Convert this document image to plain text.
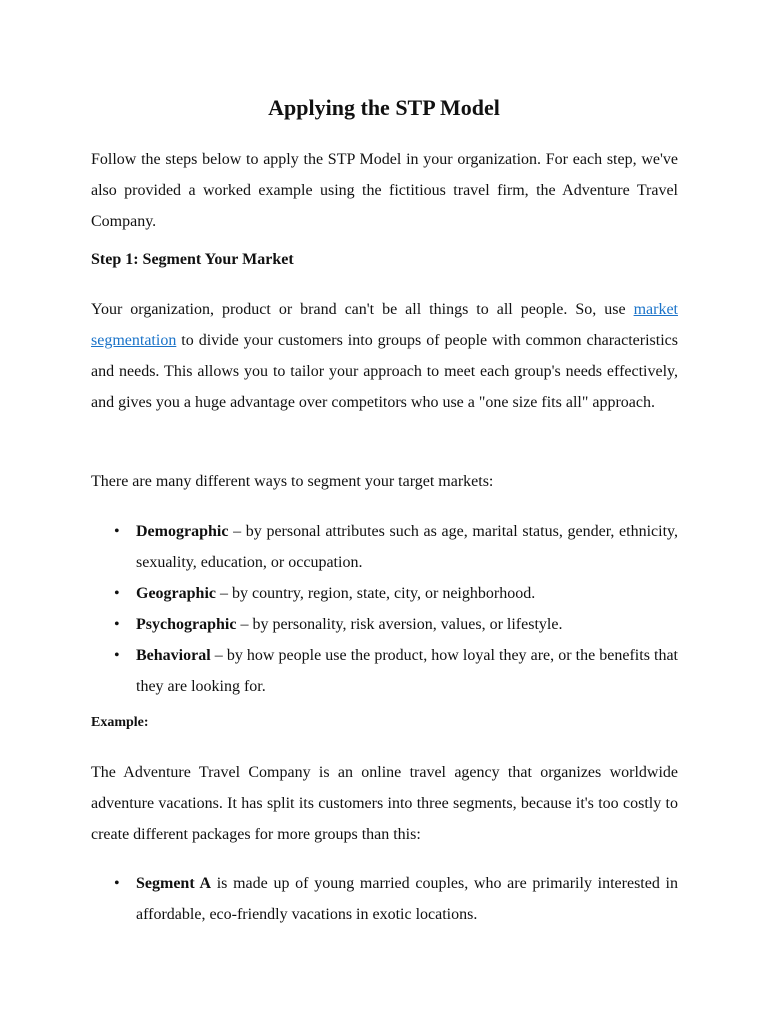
Applying the STP Model

Follow the steps below to apply the STP Model in your organization. For each step, we've also provided a worked example using the fictitious travel firm, the Adventure Travel Company.

Step 1: Segment Your Market

Your organization, product or brand can't be all things to all people. So, use market segmentation to divide your customers into groups of people with common characteristics and needs. This allows you to tailor your approach to meet each group's needs effectively, and gives you a huge advantage over competitors who use a "one size fits all" approach.

There are many different ways to segment your target markets:

• Demographic – by personal attributes such as age, marital status, gender, ethnicity, sexuality, education, or occupation.
• Geographic – by country, region, state, city, or neighborhood.
• Psychographic – by personality, risk aversion, values, or lifestyle.
• Behavioral – by how people use the product, how loyal they are, or the benefits that they are looking for.

Example:

The Adventure Travel Company is an online travel agency that organizes worldwide adventure vacations. It has split its customers into three segments, because it's too costly to create different packages for more groups than this:

• Segment A is made up of young married couples, who are primarily interested in affordable, eco-friendly vacations in exotic locations.
